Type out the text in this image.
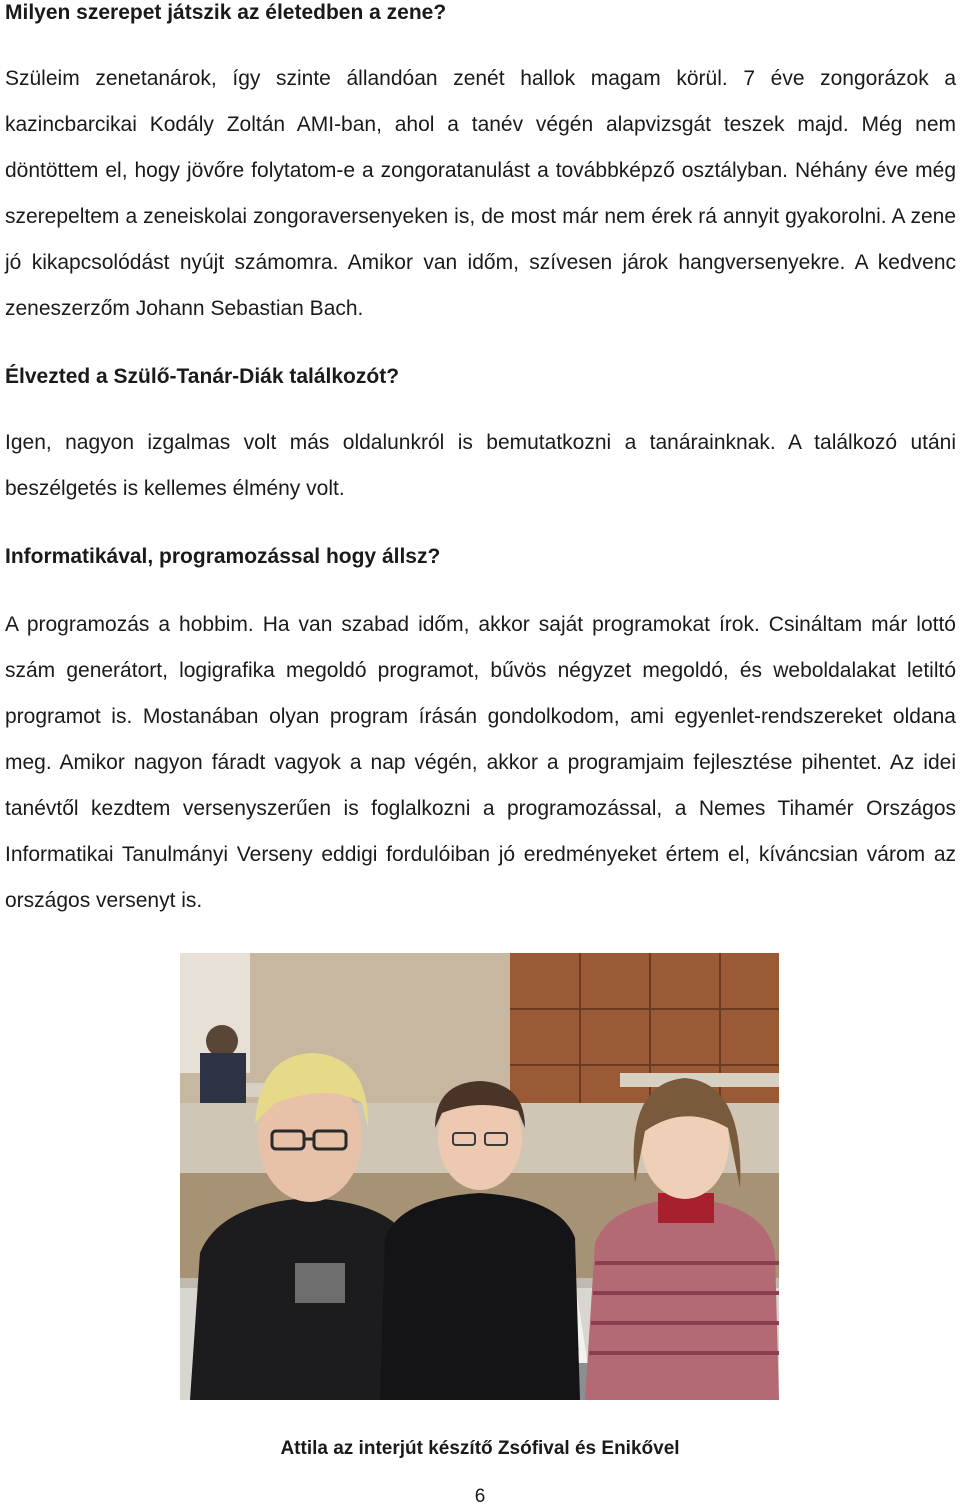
Milyen szerepet játszik az életedben a zene?

Szüleim zenetanárok, így szinte állandóan zenét hallok magam körül. 7 éve zongorázok a kazincbarcikai Kodály Zoltán AMI-ban, ahol a tanév végén alapvizsgát teszek majd. Még nem döntöttem el, hogy jövőre folytatom-e a zongoratanulást a továbbképző osztályban. Néhány éve még szerepeltem a zeneiskolai zongoraversenyeken is, de most már nem érek rá annyit gyakorolni. A zene jó kikapcsolódást nyújt számomra. Amikor van időm, szívesen járok hangversenyekre. A kedvenc zeneszerzőm Johann Sebastian Bach.

Élvezted a Szülő-Tanár-Diák találkozót?

Igen, nagyon izgalmas volt más oldalunkról is bemutatkozni a tanárainknak. A találkozó utáni beszélgetés is kellemes élmény volt.

Informatikával, programozással hogy állsz?

A programozás a hobbim. Ha van szabad időm, akkor saját programokat írok. Csináltam már lottó szám generátort, logigrafika megoldó programot, bűvös négyzet megoldó, és weboldalakat letiltó programot is. Mostanában olyan program írásán gondolkodom, ami egyenlet-rendszereket oldana meg. Amikor nagyon fáradt vagyok a nap végén, akkor a programjaim fejlesztése pihentet. Az idei tanévtől kezdtem versenyszerűen is foglalkozni a programozással, a Nemes Tihamér Országos Informatikai Tanulmányi Verseny eddigi fordulóiban jó eredményeket értem el, kíváncsian várom az országos versenyt is.

Attila az interjút készítő Zsófival és Enikővel
6
